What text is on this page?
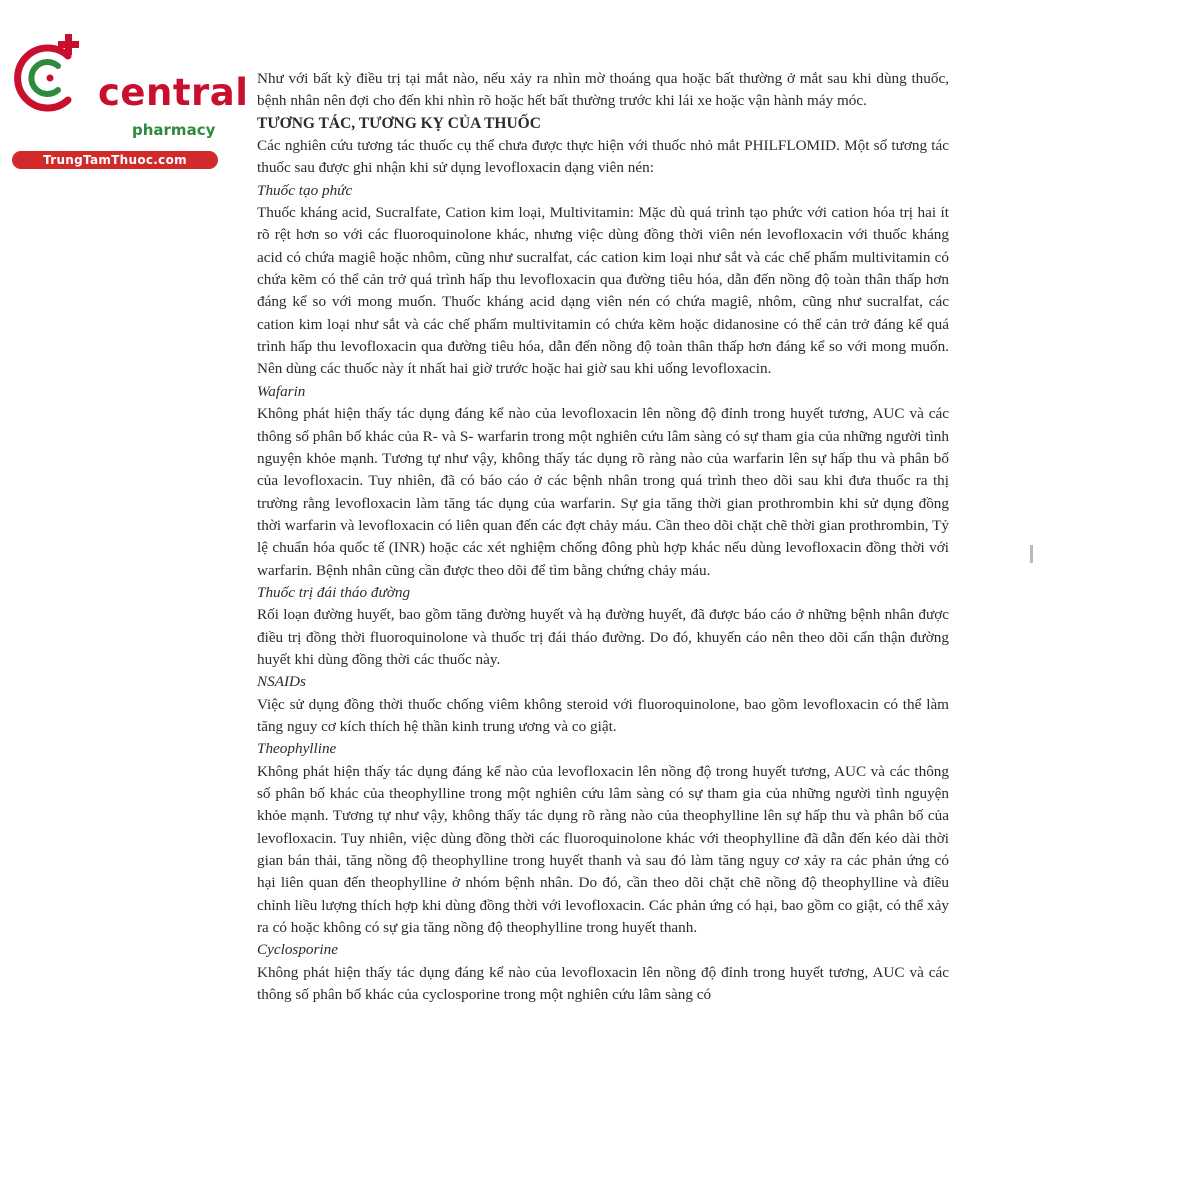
central
pharmacy
TrungTamThuoc.com

Như với bất kỳ điều trị tại mắt nào, nếu xảy ra nhìn mờ thoáng qua hoặc bất thường ở mắt sau khi dùng thuốc, bệnh nhân nên đợi cho đến khi nhìn rõ hoặc hết bất thường trước khi lái xe hoặc vận hành máy móc.

TƯƠNG TÁC, TƯƠNG KỴ CỦA THUỐC

Các nghiên cứu tương tác thuốc cụ thể chưa được thực hiện với thuốc nhỏ mắt PHILFLOMID. Một số tương tác thuốc sau được ghi nhận khi sử dụng levofloxacin dạng viên nén:

Thuốc tạo phức

Thuốc kháng acid, Sucralfate, Cation kim loại, Multivitamin: Mặc dù quá trình tạo phức với cation hóa trị hai ít rõ rệt hơn so với các fluoroquinolone khác, nhưng việc dùng đồng thời viên nén levofloxacin với thuốc kháng acid có chứa magiê hoặc nhôm, cũng như sucralfat, các cation kim loại như sắt và các chế phẩm multivitamin có chứa kẽm có thể cản trở quá trình hấp thu levofloxacin qua đường tiêu hóa, dẫn đến nồng độ toàn thân thấp hơn đáng kể so với mong muốn. Thuốc kháng acid dạng viên nén có chứa magiê, nhôm, cũng như sucralfat, các cation kim loại như sắt và các chế phẩm multivitamin có chứa kẽm hoặc didanosine có thể cản trở đáng kể quá trình hấp thu levofloxacin qua đường tiêu hóa, dẫn đến nồng độ toàn thân thấp hơn đáng kể so với mong muốn. Nên dùng các thuốc này ít nhất hai giờ trước hoặc hai giờ sau khi uống levofloxacin.

Wafarin

Không phát hiện thấy tác dụng đáng kể nào của levofloxacin lên nồng độ đỉnh trong huyết tương, AUC và các thông số phân bố khác của R- và S- warfarin trong một nghiên cứu lâm sàng có sự tham gia của những người tình nguyện khỏe mạnh. Tương tự như vậy, không thấy tác dụng rõ ràng nào của warfarin lên sự hấp thu và phân bố của levofloxacin. Tuy nhiên, đã có báo cáo ở các bệnh nhân trong quá trình theo dõi sau khi đưa thuốc ra thị trường rằng levofloxacin làm tăng tác dụng của warfarin. Sự gia tăng thời gian prothrombin khi sử dụng đồng thời warfarin và levofloxacin có liên quan đến các đợt chảy máu. Cần theo dõi chặt chẽ thời gian prothrombin, Tỷ lệ chuẩn hóa quốc tế (INR) hoặc các xét nghiệm chống đông phù hợp khác nếu dùng levofloxacin đồng thời với warfarin. Bệnh nhân cũng cần được theo dõi để tìm bằng chứng chảy máu.

Thuốc trị đái tháo đường

Rối loạn đường huyết, bao gồm tăng đường huyết và hạ đường huyết, đã được báo cáo ở những bệnh nhân được điều trị đồng thời fluoroquinolone và thuốc trị đái tháo đường. Do đó, khuyến cáo nên theo dõi cẩn thận đường huyết khi dùng đồng thời các thuốc này.

NSAIDs

Việc sử dụng đồng thời thuốc chống viêm không steroid với fluoroquinolone, bao gồm levofloxacin có thể làm tăng nguy cơ kích thích hệ thần kinh trung ương và co giật.

Theophylline

Không phát hiện thấy tác dụng đáng kể nào của levofloxacin lên nồng độ trong huyết tương, AUC và các thông số phân bố khác của theophylline trong một nghiên cứu lâm sàng có sự tham gia của những người tình nguyện khỏe mạnh. Tương tự như vậy, không thấy tác dụng rõ ràng nào của theophylline lên sự hấp thu và phân bố của levofloxacin. Tuy nhiên, việc dùng đồng thời các fluoroquinolone khác với theophylline đã dẫn đến kéo dài thời gian bán thải, tăng nồng độ theophylline trong huyết thanh và sau đó làm tăng nguy cơ xảy ra các phản ứng có hại liên quan đến theophylline ở nhóm bệnh nhân. Do đó, cần theo dõi chặt chẽ nồng độ theophylline và điều chỉnh liều lượng thích hợp khi dùng đồng thời với levofloxacin. Các phản ứng có hại, bao gồm co giật, có thể xảy ra có hoặc không có sự gia tăng nồng độ theophylline trong huyết thanh.

Cyclosporine

Không phát hiện thấy tác dụng đáng kể nào của levofloxacin lên nồng độ đỉnh trong huyết tương, AUC và các thông số phân bố khác của cyclosporine trong một nghiên cứu lâm sàng có
